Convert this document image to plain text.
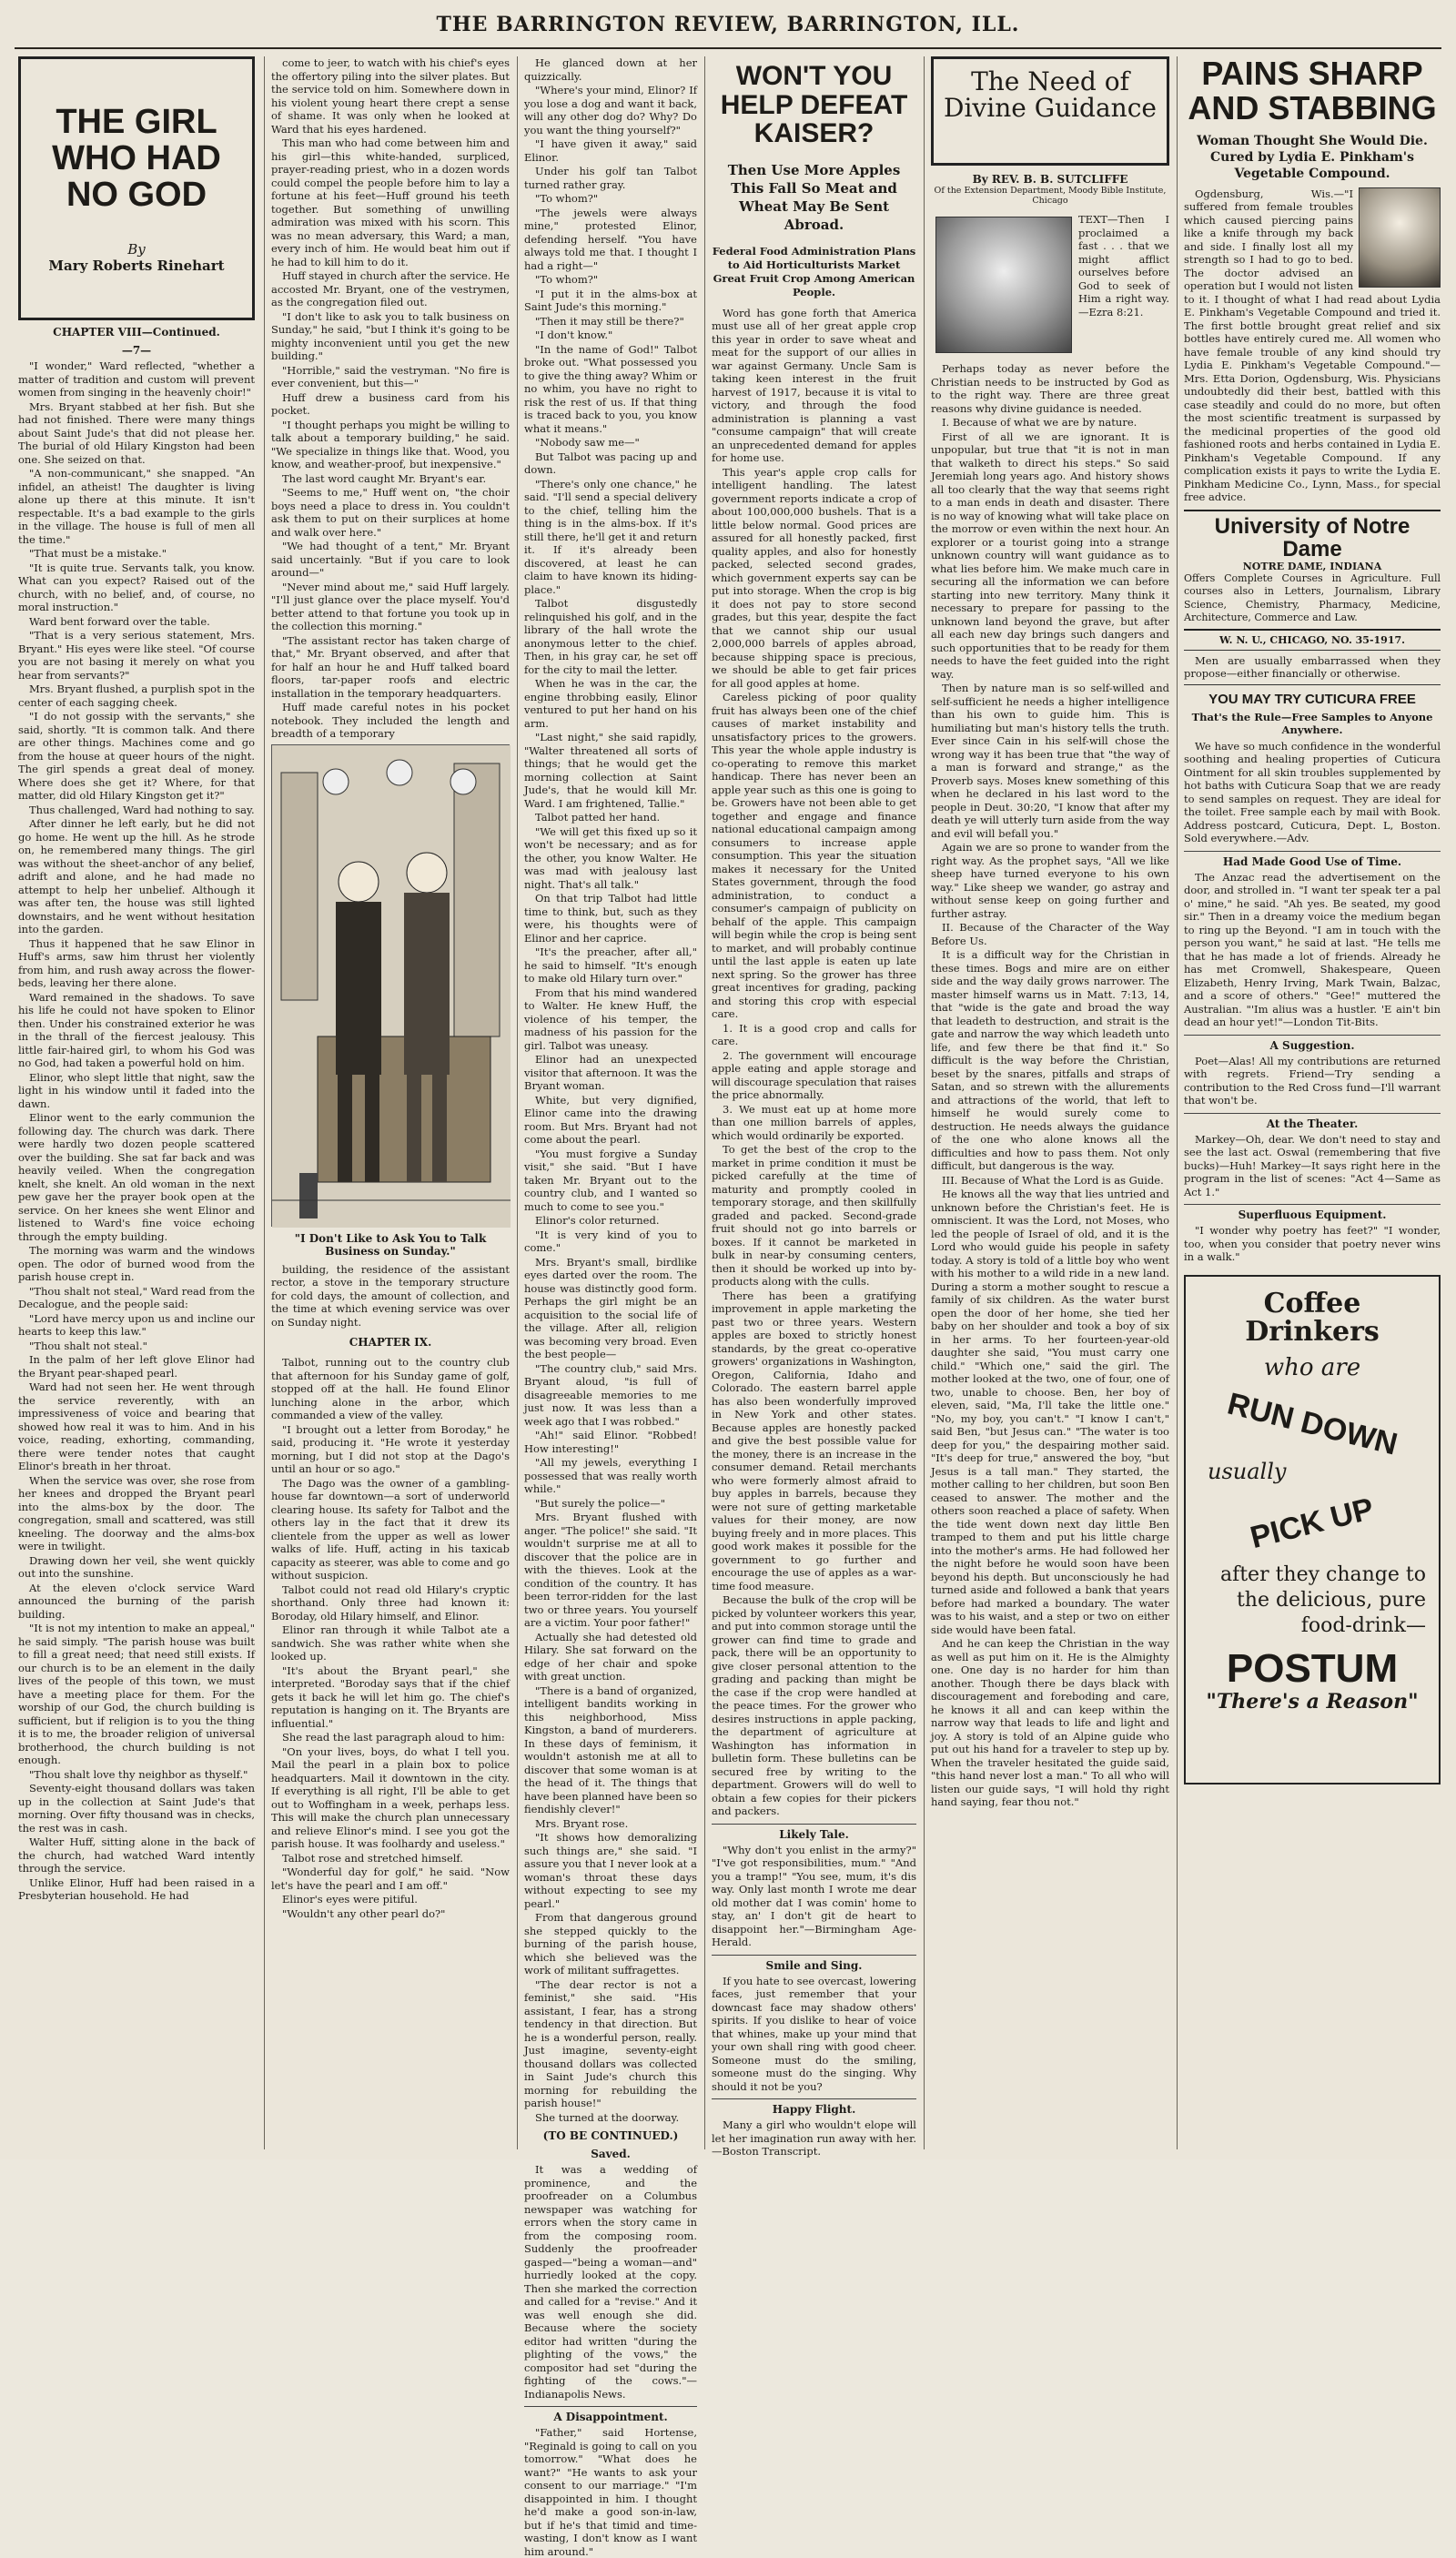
THE BARRINGTON REVIEW, BARRINGTON, ILL.
THE GIRL WHO HAD NO GOD
By
Mary Roberts Rinehart
CHAPTER VIII—Continued.
—7—

"I wonder," Ward reflected, "whether a matter of tradition and custom will prevent women from singing in the heavenly choir!"

Mrs. Bryant stabbed at her fish. But she had not finished. There were many things about Saint Jude's that did not please her. The burial of old Hilary Kingston had been one. She seized on that.

"A non-communicant," she snapped. "An infidel, an atheist! The daughter is living alone up there at this minute. It isn't respectable. It's a bad example to the girls in the village. The house is full of men all the time."

"That must be a mistake."

"It is quite true. Servants talk, you know. What can you expect? Raised out of the church, with no belief, and, of course, no moral instruction."

Ward bent forward over the table.

"That is a very serious statement, Mrs. Bryant." His eyes were like steel. "Of course you are not basing it merely on what you hear from servants?"

Mrs. Bryant flushed, a purplish spot in the center of each sagging cheek.

"I do not gossip with the servants," she said, shortly. "It is common talk. And there are other things. Machines come and go from the house at queer hours of the night. The girl spends a great deal of money. Where does she get it? Where, for that matter, did old Hilary Kingston get it?"

Thus challenged, Ward had nothing to say.

After dinner he left early, but he did not go home. He went up the hill. As he strode on, he remembered many things. The girl was without the sheet-anchor of any belief, adrift and alone, and he had made no attempt to help her unbelief. Although it was after ten, the house was still lighted downstairs, and he went without hesitation into the garden.

Thus it happened that he saw Elinor in Huff's arms, saw him thrust her violently from him, and rush away across the flower-beds, leaving her there alone.

Ward remained in the shadows. To save his life he could not have spoken to Elinor then. Under his constrained exterior he was in the thrall of the fiercest jealousy. This little fair-haired girl, to whom his God was no God, had taken a powerful hold on him.

Elinor, who slept little that night, saw the light in his window until it faded into the dawn.

Elinor went to the early communion the following day. The church was dark. There were hardly two dozen people scattered over the building. She sat far back and was heavily veiled. When the congregation knelt, she knelt. An old woman in the next pew gave her the prayer book open at the service. On her knees she went Elinor and listened to Ward's fine voice echoing through the empty building.

The morning was warm and the windows open. The odor of burned wood from the parish house crept in.

"Thou shalt not steal," Ward read from the Decalogue, and the people said:

"Lord have mercy upon us and incline our hearts to keep this law."

"Thou shalt not steal."

In the palm of her left glove Elinor had the Bryant pear-shaped pearl.

Ward had not seen her. He went through the service reverently, with an impressiveness of voice and bearing that showed how real it was to him. And in his voice, reading, exhorting, commanding, there were tender notes that caught Elinor's breath in her throat.

When the service was over, she rose from her knees and dropped the Bryant pearl into the alms-box by the door. The congregation, small and scattered, was still kneeling. The doorway and the alms-box were in twilight.

Drawing down her veil, she went quickly out into the sunshine.

At the eleven o'clock service Ward announced the burning of the parish building.

"It is not my intention to make an appeal," he said simply. "The parish house was built to fill a great need; that need still exists. If our church is to be an element in the daily lives of the people of this town, we must have a meeting place for them. For the worship of our God, the church building is sufficient, but if religion is to you the thing it is to me, the broader religion of universal brotherhood, the church building is not enough.

"Thou shalt love thy neighbor as thyself."

Seventy-eight thousand dollars was taken up in the collection at Saint Jude's that morning. Over fifty thousand was in checks, the rest was in cash.

Walter Huff, sitting alone in the back of the church, had watched Ward intently through the service.

Unlike Elinor, Huff had been raised in a Presbyterian household. He had

come to jeer, to watch with his chief's eyes the offertory piling into the silver plates. But the service told on him. Somewhere down in his violent young heart there crept a sense of shame. It was only when he looked at Ward that his eyes hardened.

This man who had come between him and his girl—this white-handed, surpliced, prayer-reading priest, who in a dozen words could compel the people before him to lay a fortune at his feet—Huff ground his teeth together. But something of unwilling admiration was mixed with his scorn. This was no mean adversary, this Ward; a man, every inch of him. He would beat him out if he had to kill him to do it.

Huff stayed in church after the service. He accosted Mr. Bryant, one of the vestrymen, as the congregation filed out.

"I don't like to ask you to talk business on Sunday," he said, "but I think it's going to be mighty inconvenient until you get the new building."

"Horrible," said the vestryman. "No fire is ever convenient, but this—"

Huff drew a business card from his pocket.

"I thought perhaps you might be willing to talk about a temporary building," he said. "We specialize in things like that. Wood, you know, and weather-proof, but inexpensive."

The last word caught Mr. Bryant's ear.

"Seems to me," Huff went on, "the choir boys need a place to dress in. You couldn't ask them to put on their surplices at home and walk over here."

"We had thought of a tent," Mr. Bryant said uncertainly. "But if you care to look around—"

"Never mind about me," said Huff largely. "I'll just glance over the place myself. You'd better attend to that fortune you took up in the collection this morning."

"The assistant rector has taken charge of that," Mr. Bryant observed, and after that for half an hour he and Huff talked board floors, tar-paper roofs and electric installation in the temporary headquarters.

Huff made careful notes in his pocket notebook. They included the length and breadth of a temporary

"I Don't Like to Ask You to Talk Business on Sunday."

building, the residence of the assistant rector, a stove in the temporary structure for cold days, the amount of collection, and the time at which evening service was over on Sunday night.

CHAPTER IX.

Talbot, running out to the country club that afternoon for his Sunday game of golf, stopped off at the hall. He found Elinor lunching alone in the arbor, which commanded a view of the valley.

"I brought out a letter from Boroday," he said, producing it. "He wrote it yesterday morning, but I did not stop at the Dago's until an hour or so ago."

The Dago was the owner of a gambling-house far downtown—a sort of underworld clearing house. Its safety for Talbot and the others lay in the fact that it drew its clientele from the upper as well as lower walks of life. Huff, acting in his taxicab capacity as steerer, was able to come and go without suspicion.

Talbot could not read old Hilary's cryptic shorthand. Only three had known it: Boroday, old Hilary himself, and Elinor.

Elinor ran through it while Talbot ate a sandwich. She was rather white when she looked up.

"It's about the Bryant pearl," she interpreted. "Boroday says that if the chief gets it back he will let him go. The chief's reputation is hanging on it. The Bryants are influential."

She read the last paragraph aloud to him:

"On your lives, boys, do what I tell you. Mail the pearl in a plain box to police headquarters. Mail it downtown in the city. If everything is all right, I'll be able to get out to Woffingham in a week, perhaps less. This will make the church plan unnecessary and relieve Elinor's mind. I see you got the parish house. It was foolhardy and useless."

Talbot rose and stretched himself.

"Wonderful day for golf," he said. "Now let's have the pearl and I am off."

Elinor's eyes were pitiful.

"Wouldn't any other pearl do?"

He glanced down at her quizzically.

"Where's your mind, Elinor? If you lose a dog and want it back, will any other dog do? Why? Do you want the thing yourself?"

"I have given it away," said Elinor.

Under his golf tan Talbot turned rather gray.

"To whom?"

"The jewels were always mine," protested Elinor, defending herself. "You have always told me that. I thought I had a right—"

"To whom?"

"I put it in the alms-box at Saint Jude's this morning."

"Then it may still be there?"

"I don't know."

"In the name of God!" Talbot broke out. "What possessed you to give the thing away? Whim or no whim, you have no right to risk the rest of us. If that thing is traced back to you, you know what it means."

"Nobody saw me—"

But Talbot was pacing up and down.

"There's only one chance," he said. "I'll send a special delivery to the chief, telling him the thing is in the alms-box. If it's still there, he'll get it and return it. If it's already been discovered, at least he can claim to have known its hiding-place."

Talbot disgustedly relinquished his golf, and in the library of the hall wrote the anonymous letter to the chief. Then, in his gray car, he set off for the city to mail the letter.

When he was in the car, the engine throbbing easily, Elinor ventured to put her hand on his arm.

"Last night," she said rapidly, "Walter threatened all sorts of things; that he would get the morning collection at Saint Jude's, that he would kill Mr. Ward. I am frightened, Tallie."

Talbot patted her hand.

"We will get this fixed up so it won't be necessary; and as for the other, you know Walter. He was mad with jealousy last night. That's all talk."

On that trip Talbot had little time to think, but, such as they were, his thoughts were of Elinor and her caprice.

"It's the preacher, after all," he said to himself. "It's enough to make old Hilary turn over."

From that his mind wandered to Walter. He knew Huff, the violence of his temper, the madness of his passion for the girl. Talbot was uneasy.

Elinor had an unexpected visitor that afternoon. It was the Bryant woman.

White, but very dignified, Elinor came into the drawing room. But Mrs. Bryant had not come about the pearl.

"You must forgive a Sunday visit," she said. "But I have taken Mr. Bryant out to the country club, and I wanted so much to come to see you."

Elinor's color returned.

"It is very kind of you to come."

Mrs. Bryant's small, birdlike eyes darted over the room. The house was distinctly good form. Perhaps the girl might be an acquisition to the social life of the village. After all, religion was becoming very broad. Even the best people—

"The country club," said Mrs. Bryant aloud, "is full of disagreeable memories to me just now. It was less than a week ago that I was robbed."

"Ah!" said Elinor. "Robbed! How interesting!"

"All my jewels, everything I possessed that was really worth while."

"But surely the police—"

Mrs. Bryant flushed with anger. "The police!" she said. "It wouldn't surprise me at all to discover that the police are in with the thieves. Look at the condition of the country. It has been terror-ridden for the last two or three years. You yourself are a victim. Your poor father!"

Actually she had detested old Hilary. She sat forward on the edge of her chair and spoke with great unction.

"There is a band of organized, intelligent bandits working in this neighborhood, Miss Kingston, a band of murderers. In these days of feminism, it wouldn't astonish me at all to discover that some woman is at the head of it. The things that have been planned have been so fiendishly clever!"

Mrs. Bryant rose.

"It shows how demoralizing such things are," she said. "I assure you that I never look at a woman's throat these days without expecting to see my pearl."

From that dangerous ground she stepped quickly to the burning of the parish house, which she believed was the work of militant suffragettes.

"The dear rector is not a feminist," she said. "His assistant, I fear, has a strong tendency in that direction. But he is a wonderful person, really. Just imagine, seventy-eight thousand dollars was collected in Saint Jude's church this morning for rebuilding the parish house!"

She turned at the doorway.

(TO BE CONTINUED.)
Saved.
It was a wedding of prominence, and the proofreader on a Columbus newspaper was watching for errors when the story came in from the composing room. Suddenly the proofreader gasped—"being a woman—and" hurriedly looked at the copy. Then she marked the correction and called for a "revise." And it was well enough she did. Because where the society editor had written "during the plighting of the vows," the compositor had set "during the fighting of the cows."—Indianapolis News.
A Disappointment.
"Father," said Hortense, "Reginald is going to call on you tomorrow." "What does he want?" "He wants to ask your consent to our marriage." "I'm disappointed in him. I thought he'd make a good son-in-law, but if he's that timid and time-wasting, I don't know as I want him around."
WON'T YOU HELP DEFEAT KAISER?
Then Use More Apples This Fall So Meat and Wheat May Be Sent Abroad.
Federal Food Administration Plans to Aid Horticulturists Market Great Fruit Crop Among American People.

Word has gone forth that America must use all of her great apple crop this year in order to save wheat and meat for the support of our allies in war against Germany. Uncle Sam is taking keen interest in the fruit harvest of 1917, because it is vital to victory, and through the food administration is planning a vast "consume campaign" that will create an unprecedented demand for apples for home use.

This year's apple crop calls for intelligent handling. The latest government reports indicate a crop of about 100,000,000 bushels. That is a little below normal. Good prices are assured for all honestly packed, first quality apples, and also for honestly packed, selected second grades, which government experts say can be put into storage. When the crop is big it does not pay to store second grades, but this year, despite the fact that we cannot ship our usual 2,000,000 barrels of apples abroad, because shipping space is precious, we should be able to get fair prices for all good apples at home.

Careless picking of poor quality fruit has always been one of the chief causes of market instability and unsatisfactory prices to the growers. This year the whole apple industry is co-operating to remove this market handicap. There has never been an apple year such as this one is going to be. Growers have not been able to get together and engage and finance national educational campaign among consumers to increase apple consumption. This year the situation makes it necessary for the United States government, through the food administration, to conduct a consumer's campaign of publicity on behalf of the apple. This campaign will begin while the crop is being sent to market, and will probably continue until the last apple is eaten up late next spring. So the grower has three great incentives for grading, packing and storing this crop with especial care.

1. It is a good crop and calls for care.

2. The government will encourage apple eating and apple storage and will discourage speculation that raises the price abnormally.

3. We must eat up at home more than one million barrels of apples, which would ordinarily be exported.

To get the best of the crop to the market in prime condition it must be picked carefully at the time of maturity and promptly cooled in temporary storage, and then skillfully graded and packed. Second-grade fruit should not go into barrels or boxes. If it cannot be marketed in bulk in near-by consuming centers, then it should be worked up into by-products along with the culls.

There has been a gratifying improvement in apple marketing the past two or three years. Western apples are boxed to strictly honest standards, by the great co-operative growers' organizations in Washington, Oregon, California, Idaho and Colorado. The eastern barrel apple has also been wonderfully improved in New York and other states. Because apples are honestly packed and give the best possible value for the money, there is an increase in the consumer demand. Retail merchants who were formerly almost afraid to buy apples in barrels, because they were not sure of getting marketable values for their money, are now buying freely and in more places. This good work makes it possible for the government to go further and encourage the use of apples as a war-time food measure.

Because the bulk of the crop will be picked by volunteer workers this year, and put into common storage until the grower can find time to grade and pack, there will be an opportunity to give closer personal attention to the grading and packing than might be the case if the crop were handled at the peace times. For the grower who desires instructions in apple packing, the department of agriculture at Washington has information in bulletin form. These bulletins can be secured free by writing to the department. Growers will do well to obtain a few copies for their pickers and packers.

Likely Tale.
"Why don't you enlist in the army?" "I've got responsibilities, mum." "And you a tramp!" "You see, mum, it's dis way. Only last month I wrote me dear old mother dat I was comin' home to stay, an' I don't git de heart to disappoint her."—Birmingham Age-Herald.
Smile and Sing.
If you hate to see overcast, lowering faces, just remember that your downcast face may shadow others' spirits. If you dislike to hear of voice that whines, make up your mind that your own shall ring with good cheer. Someone must do the smiling, someone must do the singing. Why should it not be you?
Happy Flight.
Many a girl who wouldn't elope will let her imagination run away with her.—Boston Transcript.
The Need of Divine Guidance
By REV. B. B. SUTCLIFFE
Of the Extension Department, Moody Bible Institute, Chicago
TEXT—Then I proclaimed a fast . . . that we might afflict ourselves before God to seek of Him a right way.—Ezra 8:21.

Perhaps today as never before the Christian needs to be instructed by God as to the right way. There are three great reasons why divine guidance is needed.

I. Because of what we are by nature.

First of all we are ignorant. It is unpopular, but true that "it is not in man that walketh to direct his steps." So said Jeremiah long years ago. And history shows all too clearly that the way that seems right to a man ends in death and disaster. There is no way of knowing what will take place on the morrow or even within the next hour. An explorer or a tourist going into a strange unknown country will want guidance as to what lies before him. We make much care in securing all the information we can before starting into new territory. Many think it necessary to prepare for passing to the unknown land beyond the grave, but after all each new day brings such dangers and such opportunities that to be ready for them needs to have the feet guided into the right way.

Then by nature man is so self-willed and self-sufficient he needs a higher intelligence than his own to guide him. This is humiliating but man's history tells the truth. Ever since Cain in his self-will chose the wrong way it has been true that "the way of a man is forward and strange," as the Proverb says. Moses knew something of this when he declared in his last word to the people in Deut. 30:20, "I know that after my death ye will utterly turn aside from the way and evil will befall you."

Again we are so prone to wander from the right way. As the prophet says, "All we like sheep have turned everyone to his own way." Like sheep we wander, go astray and without sense keep on going further and further astray.

II. Because of the Character of the Way Before Us.

It is a difficult way for the Christian in these times. Bogs and mire are on either side and the way daily grows narrower. The master himself warns us in Matt. 7:13, 14, that "wide is the gate and broad the way that leadeth to destruction, and strait is the gate and narrow the way which leadeth unto life, and few there be that find it." So difficult is the way before the Christian, beset by the snares, pitfalls and straps of Satan, and so strewn with the allurements and attractions of the world, that left to himself he would surely come to destruction. He needs always the guidance of the one who alone knows all the difficulties and how to pass them. Not only difficult, but dangerous is the way.

III. Because of What the Lord is as Guide.

He knows all the way that lies untried and unknown before the Christian's feet. He is omniscient. It was the Lord, not Moses, who led the people of Israel of old, and it is the Lord who would guide his people in safety today. A story is told of a little boy who went with his mother to a wild ride in a new land. During a storm a mother sought to rescue a family of six children. As the water burst open the door of her home, she tied her baby on her shoulder and took a boy of six in her arms. To her fourteen-year-old daughter she said, "You must carry one child." "Which one," said the girl. The mother looked at the two, one of four, one of two, unable to choose. Ben, her boy of eleven, said, "Ma, I'll take the little one." "No, my boy, you can't." "I know I can't," said Ben, "but Jesus can." "The water is too deep for you," the despairing mother said. "It's deep for true," answered the boy, "but Jesus is a tall man." They started, the mother calling to her children, but soon Ben ceased to answer. The mother and the others soon reached a place of safety. When the tide went down next day little Ben tramped to them and put his little charge into the mother's arms. He had followed her the night before he would soon have been beyond his depth. But unconsciously he had turned aside and followed a bank that years before had marked a boundary. The water was to his waist, and a step or two on either side would have been fatal.

And he can keep the Christian in the way as well as put him on it. He is the Almighty one. One day is no harder for him than another. Though there be days black with discouragement and foreboding and care, he knows it all and can keep within the narrow way that leads to life and light and joy. A story is told of an Alpine guide who put out his hand for a traveler to step up by. When the traveler hesitated the guide said, "this hand never lost a man." To all who will listen our guide says, "I will hold thy right hand saying, fear thou not."

PAINS SHARP AND STABBING
Woman Thought She Would Die. Cured by Lydia E. Pinkham's Vegetable Compound.
Ogdensburg, Wis.—"I suffered from female troubles which caused piercing pains like a knife through my back and side. I finally lost all my strength so I had to go to bed. The doctor advised an operation but I would not listen to it. I thought of what I had read about Lydia E. Pinkham's Vegetable Compound and tried it. The first bottle brought great relief and six bottles have entirely cured me. All women who have female trouble of any kind should try Lydia E. Pinkham's Vegetable Compound."—Mrs. Etta Dorion, Ogdensburg, Wis. Physicians undoubtedly did their best, battled with this case steadily and could do no more, but often the most scientific treatment is surpassed by the medicinal properties of the good old fashioned roots and herbs contained in Lydia E. Pinkham's Vegetable Compound. If any complication exists it pays to write the Lydia E. Pinkham Medicine Co., Lynn, Mass., for special free advice.
University of Notre Dame
NOTRE DAME, INDIANA
Offers Complete Courses in Agriculture. Full courses also in Letters, Journalism, Library Science, Chemistry, Pharmacy, Medicine, Architecture, Commerce and Law.
W. N. U., CHICAGO, NO. 35-1917.
Men are usually embarrassed when they propose—either financially or otherwise.
YOU MAY TRY CUTICURA FREE
That's the Rule—Free Samples to Anyone Anywhere.
We have so much confidence in the wonderful soothing and healing properties of Cuticura Ointment for all skin troubles supplemented by hot baths with Cuticura Soap that we are ready to send samples on request. They are ideal for the toilet. Free sample each by mail with Book. Address postcard, Cuticura, Dept. L, Boston. Sold everywhere.—Adv.
Had Made Good Use of Time.
The Anzac read the advertisement on the door, and strolled in. "I want ter speak ter a pal o' mine," he said. "Ah yes. Be seated, my good sir." Then in a dreamy voice the medium began to ring up the Beyond. "I am in touch with the person you want," he said at last. "He tells me that he has made a lot of friends. Already he has met Cromwell, Shakespeare, Queen Elizabeth, Henry Irving, Mark Twain, Balzac, and a score of others." "Gee!" muttered the Australian. "'Im alius was a hustler. 'E ain't bin dead an hour yet!"—London Tit-Bits.
A Suggestion.
Poet—Alas! All my contributions are returned with regrets. Friend—Try sending a contribution to the Red Cross fund—I'll warrant that won't be.
At the Theater.
Markey—Oh, dear. We don't need to stay and see the last act. Oswal (remembering that five bucks)—Huh! Markey—It says right here in the program in the list of scenes: "Act 4—Same as Act 1."
Superfluous Equipment.
"I wonder why poetry has feet?" "I wonder, too, when you consider that poetry never wins in a walk."
Coffee Drinkers
who are
RUN DOWN
usually
PICK UP
after they change to the delicious, pure food-drink—
POSTUM
"There's a Reason"
